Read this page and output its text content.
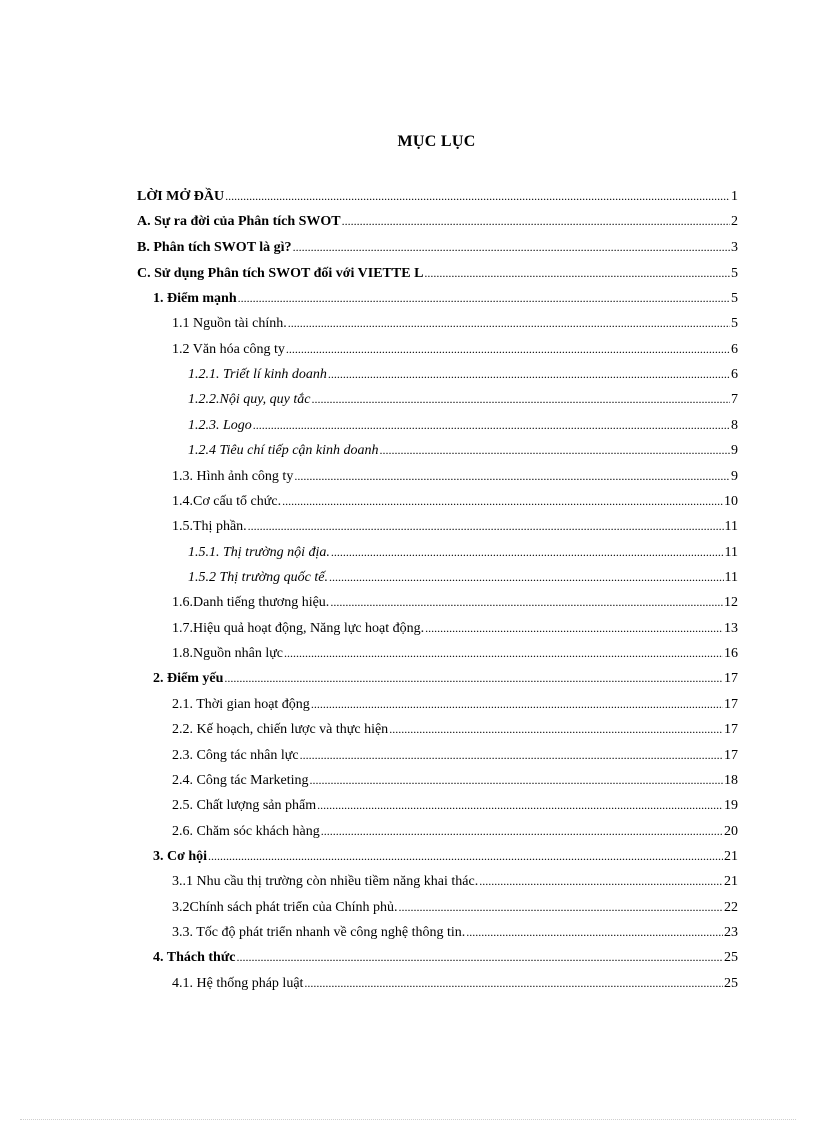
MỤC LỤC
LỜI MỞ ĐẦU .....	1
A. Sự ra đời của Phân tích SWOT .....	2
B. Phân tích SWOT là gì? .....	3
C. Sử dụng Phân tích SWOT đối với VIETTE L .....	5
1. Điểm mạnh .....	5
1.1 Nguồn tài chính. .....	5
1.2 Văn hóa công ty .....	6
1.2.1. Triết lí kinh doanh .....	6
1.2.2.Nội quy, quy tắc .....	7
1.2.3. Logo .....	8
1.2.4 Tiêu chí tiếp cận kinh doanh .....	9
1.3. Hình ảnh công ty .....	9
1.4.Cơ cấu tổ chức. .....	10
1.5.Thị phần. .....	11
1.5.1. Thị trường nội địa. .....	11
1.5.2 Thị trường quốc tế. .....	11
1.6.Danh tiếng thương hiệu. .....	12
1.7.Hiệu quả hoạt động, Năng lực hoạt động. .....	13
1.8.Nguồn nhân lực .....	16
2. Điểm yếu .....	17
2.1. Thời gian hoạt động .....	17
2.2. Kế hoạch, chiến lược và thực hiện .....	17
2.3. Công tác nhân lực .....	17
2.4. Công tác Marketing .....	18
2.5. Chất lượng sản phẩm .....	19
2.6. Chăm sóc khách hàng .....	20
3. Cơ hội .....	21
3..1 Nhu cầu thị trường còn nhiều tiềm năng khai thác. .....	21
3.2Chính sách phát triển của Chính phủ. .....	22
3.3. Tốc độ phát triển nhanh về công nghệ thông tin. .....	23
4. Thách thức .....	25
4.1. Hệ thống pháp luật .....	25
